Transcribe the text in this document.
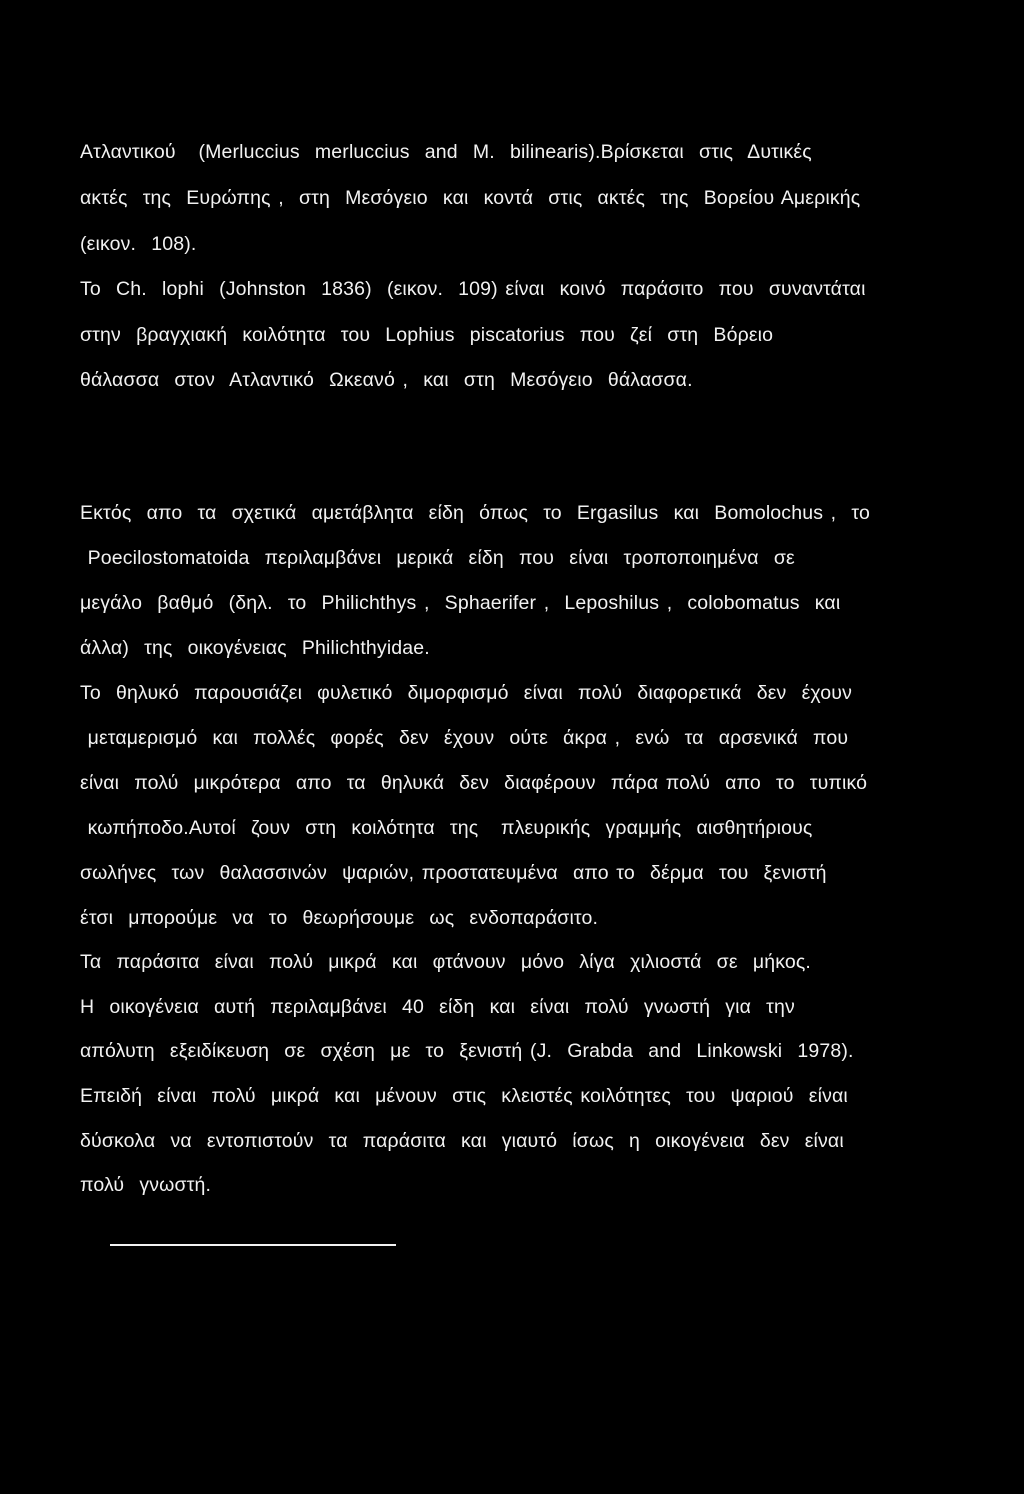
Ατλαντικού   (Merluccius  merluccius  and  M.  bilinearis).Βρίσκεται  στις  Δυτικές
ακτές  της  Ευρώπης ,  στη  Μεσόγειο  και  κοντά  στις  ακτές  της  Βορείου Αμερικής
(εικον.  108).
Το  Ch.  lophi  (Johnston  1836)  (εικον.  109) είναι  κοινό  παράσιτο  που  συναντάται
στην  βραγχιακή  κοιλότητα  του  Lophius  piscatorius  που  ζεί  στη  Βόρειο
θάλασσα  στον  Ατλαντικό  Ωκεανό ,  και  στη  Μεσόγειο  θάλασσα.
Εκτός  απο  τα  σχετικά  αμετάβλητα  είδη  όπως  το  Ergasilus  και  Bomolochus ,  το
Poecilostomatoida  περιλαμβάνει  μερικά  είδη  που  είναι  τροποποιημένα  σε
μεγάλο  βαθμό  (δηλ.  το  Philichthys ,  Sphaerifer ,  Leposhilus ,  colobomatus  και
άλλα)  της  οικογένειας  Philichthyidae.
Το  θηλυκό  παρουσιάζει  φυλετικό  διμορφισμό  είναι  πολύ  διαφορετικά  δεν  έχουν
μεταμερισμό  και  πολλές  φορές  δεν  έχουν  ούτε  άκρα ,  ενώ  τα  αρσενικά  που
είναι  πολύ  μικρότερα  απο  τα  θηλυκά  δεν  διαφέρουν  πάρα πολύ  απο  το  τυπικό
κωπήποδο.Αυτοί  ζουν  στη  κοιλότητα  της   πλευρικής  γραμμής  αισθητήριους
σωλήνες  των  θαλασσινών  ψαριών, προστατευμένα  απο το  δέρμα  του  ξενιστή
έτσι  μπορούμε  να  το  θεωρήσουμε  ως  ενδοπαράσιτο.
Τα  παράσιτα  είναι  πολύ  μικρά  και  φτάνουν  μόνο  λίγα  χιλιοστά  σε  μήκος.
Η  οικογένεια  αυτή  περιλαμβάνει  40  είδη  και  είναι  πολύ  γνωστή  για  την
απόλυτη  εξειδίκευση  σε  σχέση  με  το  ξενιστή (J.  Grabda  and  Linkowski  1978).
Επειδή  είναι  πολύ  μικρά  και  μένουν  στις  κλειστές κοιλότητες  του  ψαριού  είναι
δύσκολα  να  εντοπιστούν  τα  παράσιτα  και  γιαυτό  ίσως  η  οικογένεια  δεν  είναι
πολύ  γνωστή.
